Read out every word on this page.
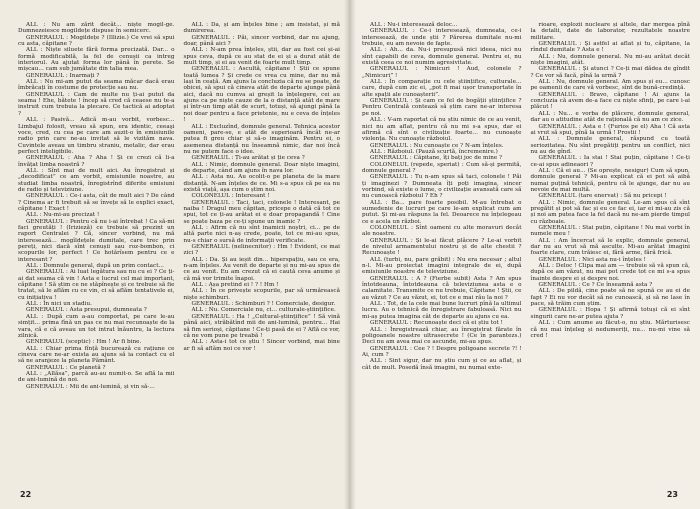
ALL : Nu am zărit decât... niște mogil-ge. Dumnezeiesce mogildețe dispuse în semicerc.

GENERALUL : Mogildețe ? (Illizie.) Ce vrei să spui cu asta, căpitane ?

ALL : Niște siluete fără forma precizată. Dar... o formă modificabilă, la fel de cenușii ca intreg interiorul. Au ajutat forma lor până în perete. Se mișcau... cam sub jumătate din talia mea.

GENERALUL : Inarmați ?

ALL : Nu mi-am putut da seama măcar dacă erau îmbrăcați în costume de protecție sau nu.

GENERALUL : Cam de multe nu ți-ai putut da seama ! Ehe, bătete ! încep să cred că ceaese nu te-a instruit cum trebuia la plecare. Ce tactică ai adoptat ?

ALL : Pasivă... Adică m-au vorbit, vorbesc... Limbajul folosit, vreau să spun, era identic, ceeaşi voce, cred, cu cea pe care am auzit-o în emisiunile radio prin care ne-au invitat să le vizităm nava. Cuvintele aveau un timbru straniu, metalic, dar erau perfect inteligibile.

GENERALUL : Aha ? Aha ! Și ce crezi că li-a învățat limba noastră ?

ALL : Sînt mai de mult aici. Au înregistrat și „decodificat” ce am vorbit, emisiunile noastre, au studiat limba noastră, înregistrînd diferite emisiuni de radio și televiziune.

GENERALUL : Ce-i asta, cât de mult aici ? De când ? Cinema ar fi trebuit să se învețe să le explici exact, căpitane ! Exact !

ALL : Nu-mi-au precizat !

GENERALUL : Pentru că nu i-ai întrebat ! Ca să-mi faci greutăți ! (Irizieză) ce trebuie să prezint un raport Centralei ? Că, sincer vorbind, nu mă interesează... mogîldețele dumitale, care trec prin pereți, nici dacă sînt cenușii sau roz-bombon, ci scopurile lor, perfect ! Ce hotărîsem pentru ce e interesant ?

ALL : Domnule general, după un prim contact...

GENERALUL : Ai luat legătura sau nu cu ei ? Ce ți-ai dat seama că vin ! Asta e lucrul cel mai important, căpitane ! Să știm ce ne stăpînește și ce trebuie să fie tratat, să le aflăm cu ce vin, ci să aflăm tentativele ei, cu inițiativa !

ALL : În nici un stadiu.

GENERALUL : Asta presupui, dumneata ?

ALL : După cum a-au comportat, pe care le-au simțit... prima fînă un pas ce nu mai recunoaște de la vara, că e că aveau un tot intrat înăuntru, la lectura zilnică.

GENERALUL (sceptic) : Hm ! Ar fi bine.

ALL : Chiar prima fînță bucurează cu rațiune ce cineva care ne-ar exista au ajuns să ia contact cu el să ne aranjeze la planeta Pământ.

GENERALUL : Ce planetă ?

ALL : „Allăsa”, parcă au-au numit-o. Se află la mii de ani-lumină de noi.

GENERALUL : Mii de ani-lumină, și vin să-...

ALL : Da, și am înțeles bine ; am insistat, și mă dumirerea.

GENERALUL : Păi, sincer vorbind, dar nu ajung, doar, până aici ?

ALL : N-am prea înțeles, știi, dar au fost cei și-ai spus ceva, după ce au stat de ei și a durat atât de mult timp, și ei au venit de foarte mult timp.

GENERALUL : Ascultă, căpitane ! Știi ce spune toată lumea ? Și crede ce vrea cu mine, dar nu mă lași în ceață. Am ajuns la concluzia că nu se poate, de obicei, să spui că cineva atât de departe ajunge până aici, dacă nu cumva ai greșit la înțelegere, cei au ajuns ca pe niște cauze de la o distanță atât de mare și într-un timp atât de scurt, totuși, să ajungi până la noi doar pentru a face prietenie, nu e ceva de înțeles !

ALL : Excluzînd, domnule general. Tehnica acestor oameni, pare-se, e atât de superioară încât ne-ar putea fi greu chiar și să-o imaginăm. Pentru ei, o asemenea distanță nu înseamnă nimic, dar noi încă nu ne putem face o idee.

GENERALUL : Ți-au arătat și ție ceva ?

ALL : Nimic, domnule general. Doar niște imagini, de departe, când am ajuns în nava lor.

ALL : Asta nu. Au ocolit-o pe planeta de la mare distanță. N-am înțeles de ce. Mi s-a spus că pe ea nu există viață, așa cum o știm noi.

COLONELUL : Interesant !

GENERALUL : Taci, taci, colonele ! Interesant, pe naiba ! Dragul meu căpitan, pricepe o dată că tot ce spui, tot ce ți-au arătat ei e doar propagandă ! Cine se poate baza pe ce-ți spune un inamic ?

ALL : Afirm că nu sînt inamicii noștri, ci... pe de altă parte nici n-aș crede, poate, tot ce mi-au spus, nu-s chiar o sursă de informații verificate.

GENERALUL (nelinecnitor) : Hm ! Evident, ce mai zici ?

ALL : Da. Și au ieșit din... hiperspațiu, sau ce era, n-am înțeles. Au venit de departe și nu mi-au spus de ce au venit. Eu am crezut că ei caută ceva anume și că mă vor trimite înapoi.

ALL : Așa pretind ei ! ? ! Hm !

ALL : În ce privește scopurile, par să urmărească niște schimburi.

GENERALUL : Schimburi ? ! Comerciale, desigur.

ALL : Nu. Comerciale nu, ci... culturale-științifice.

GENERALUL : Ha ! „Cultural-științifice” ! Să vină până aici, străbătînd mii de ani-lumină, pentru... Hai să fim serioși, căpitane ! Ce-ți pasă de ei ? Află ce vor, că ne vom pune pe treabă !

ALL : Asta-i tot ce știu ! Sincer vorbind, mai bine ar fi să aflăm noi ce vor !

22

ALL : Nu-i interesează deloc...

GENERALUL : Ce-i interesează, dumneata, ce-i interesează, de unde știi ? Părerea dumitale nu-mi trebuie, eu am nevoie de fapte.

ALL : Ah... da. Nu-i presupusă nici ideea, nici nu sînt capabili de ceva, domnule general. Pentru ei, nu există ceea ce noi numim agresivitate.

GENERALUL : Nimicuri ! Aud, colonele ? „Nimicuri” !

ALL : În comparație cu cele științifice, culturale... care, după cum zic ei, „pot fi mai ușor transportate în alte spații ale cunoașterii”.

GENERALUL : Și cam ce fel de bogății științifice ? Pentru Centrală contează să știm care ne-ar interesa pe noi.

ALL : V-am raportat că nu știu nimic de ce au venit, nici nu am aflat, pentru că nu mi s-a spus, dar ei afirmă că sînt o civilizație foarte... nu cunoaște violența. Nu cunoaște războiul.

GENERALUL : Nu cunoaște ce ? N-am înțeles.

ALL : Războiul. (Pauză scurtă, încremenire.)

GENERALUL : Căpitane, îți bați joc de mine ?

COLONELUL (repede, speriat) : Cum să-și permită, domnule general ?

GENERALUL : Tu n-am spus să taci, colonele ! Păi ți imaginezi ? Dumneata îți poți imagina, sincer vorbind, să existe o lume, o civilizație avansată care să nu cunoască războiul ? Eh ?

ALL : Ba... pare foarte posibil. M-au întrebat o sumedenie de lucruri pe care le-am explicat cum am putut. Și mi-au răspuns la fel. Deoarece nu înțelegeau ce e acela un război.

COLONELUL : Sînt oameni cu alte moravuri decât ale noastre.

GENERALUL : Și le-ai făcut plăcere ? Le-ai vorbit de nivelul armamentului nostru și de alte chestii ? Recunoaște !

ALL (turbi, nu, pare grăbit) : Nu era necesar ; altul n-l. Mi-au proiectat imagini integrale de ei, după emisiunile noastre de televiziune.

GENERALUL : A ? (Fierbe subit) Asta ? Am spus întotdeauna, întotdeauna că televiziunea asta e o calamitate. Transmite ce nu trebuie, Căpitane ! Știi, ce au văzut ? Ce au văzut, ei, tot ce e mai rău la noi ?

ALL : Tot, de la cele mai bune lucruri pînă la ultimul lucru. Au o tehnică de înregistrare fabuloasă. Nici nu mi-aș putea imagina cât de departe au ajuns cu ea.

GENERALUL : Recunoaște deci că ei știu tot !

ALL : Înregistrează chiar, au înregistrat fărate în poligoanele noastre ultrasecrete ! (Ce în parantezs.) Deci nu am avea mai ce ascunde, mi-au spus.

GENERALUL : Cee ? ! Despre poligoane secrete ?! ! Ai, cum ?

ALL : Sint sigur, dar nu știu cum și ce au aflat, și cât de mult. Posedă însă imagini, nu numai exte-

rioare, explozii nucleare și altele, dar mergea pînă la detalii, date de laborator, rezultatele noastre militare.

GENERALUL : Și astfel ai aflat și tu, căpitane, la rîndul dumitale ? Asta e !

ALL : Nu, domnule general. Nu mi-au arătat decât niște imagini, atât.

GENERALUL : Și atunci ? Ce-ți mai dădea de gîndit ? Ce vor să facă, pînă la urmă ?

ALL : Nu, domnule general. Am spus și eu... cunosc pe oamenii de care vă vorbesc, sînt de bună-credință.

GENERALUL : Bravo, căpitane ! Ai ajuns la concluzia că avem de-a face cu niște sfinți, pe care i-ai plăcut !

ALL : Nu... e vorba de plăcere, domnule general, dar au o atitudine atât de rațională că nu am ce zice.

GENERALUL : Asta e ! (Furios pe el) Aha ! Că asta ai vrut să spui, pînă la urmă ! Prostii !

ALL : Domnule general, răspund cu toată seriozitatea. Nu sînt pregătiți pentru un conflict, nici nu au de gînd.

GENERALUL : Ia stai ! Stai puțin, căpitane ! Ce-ți ce-ai spus adineaori ?

ALL : Că ei au... (Se oprește, nesigur) Cum să spun, domnule general ? Mi-au explicat că ei pot să aibă numai puțină tehnică, pentru că le ajunge, dar nu au nevoie de mai multă.

GENERALUL (tare enervat) : Să nu pricepi !

ALL : Nimic, domnule general. Le-am spus că sînt pregătit și pot să fac și eu ce fac ei, iar ei mi-au zis că și noi am putea face la fel dacă nu ne-am pierde timpul cu războaie.

GENERALUL : Stai puțin, căpitane ! Nu mai vorbi în numele meu !

ALL : Am încercat să le explic, domnule general, dar nu au vrut să mă asculte. Mi-au arătat imagini foarte clare, cum trăiesc ei, fără arme, fără frică.

GENERALUL : Nici asta nu-i înțeles !

ALL : Deloc ! Clipa mai am — trebuie să vă spun că, după ce am văzut, nu mai pot crede tot ce mi s-a spus înainte despre ei și despre noi.

GENERALUL : Ce ? Ce înseamnă asta ?

ALL : De pildă, cine poate să ne spună ce au ei de fapt ? Ei nu vor decât să ne cunoască, și să ne lase în pace, să trăim cum știm.

GENERALUL : Hopa ! Și afirmă totuși că ei sînt singurii care ne-ar putea ajuta ?

ALL : Cum anume au făcut-o, nu știu. Mărturisesc că nu mai înțeleg și nedumeriți, nu... nu-mi vine să cred !

23
